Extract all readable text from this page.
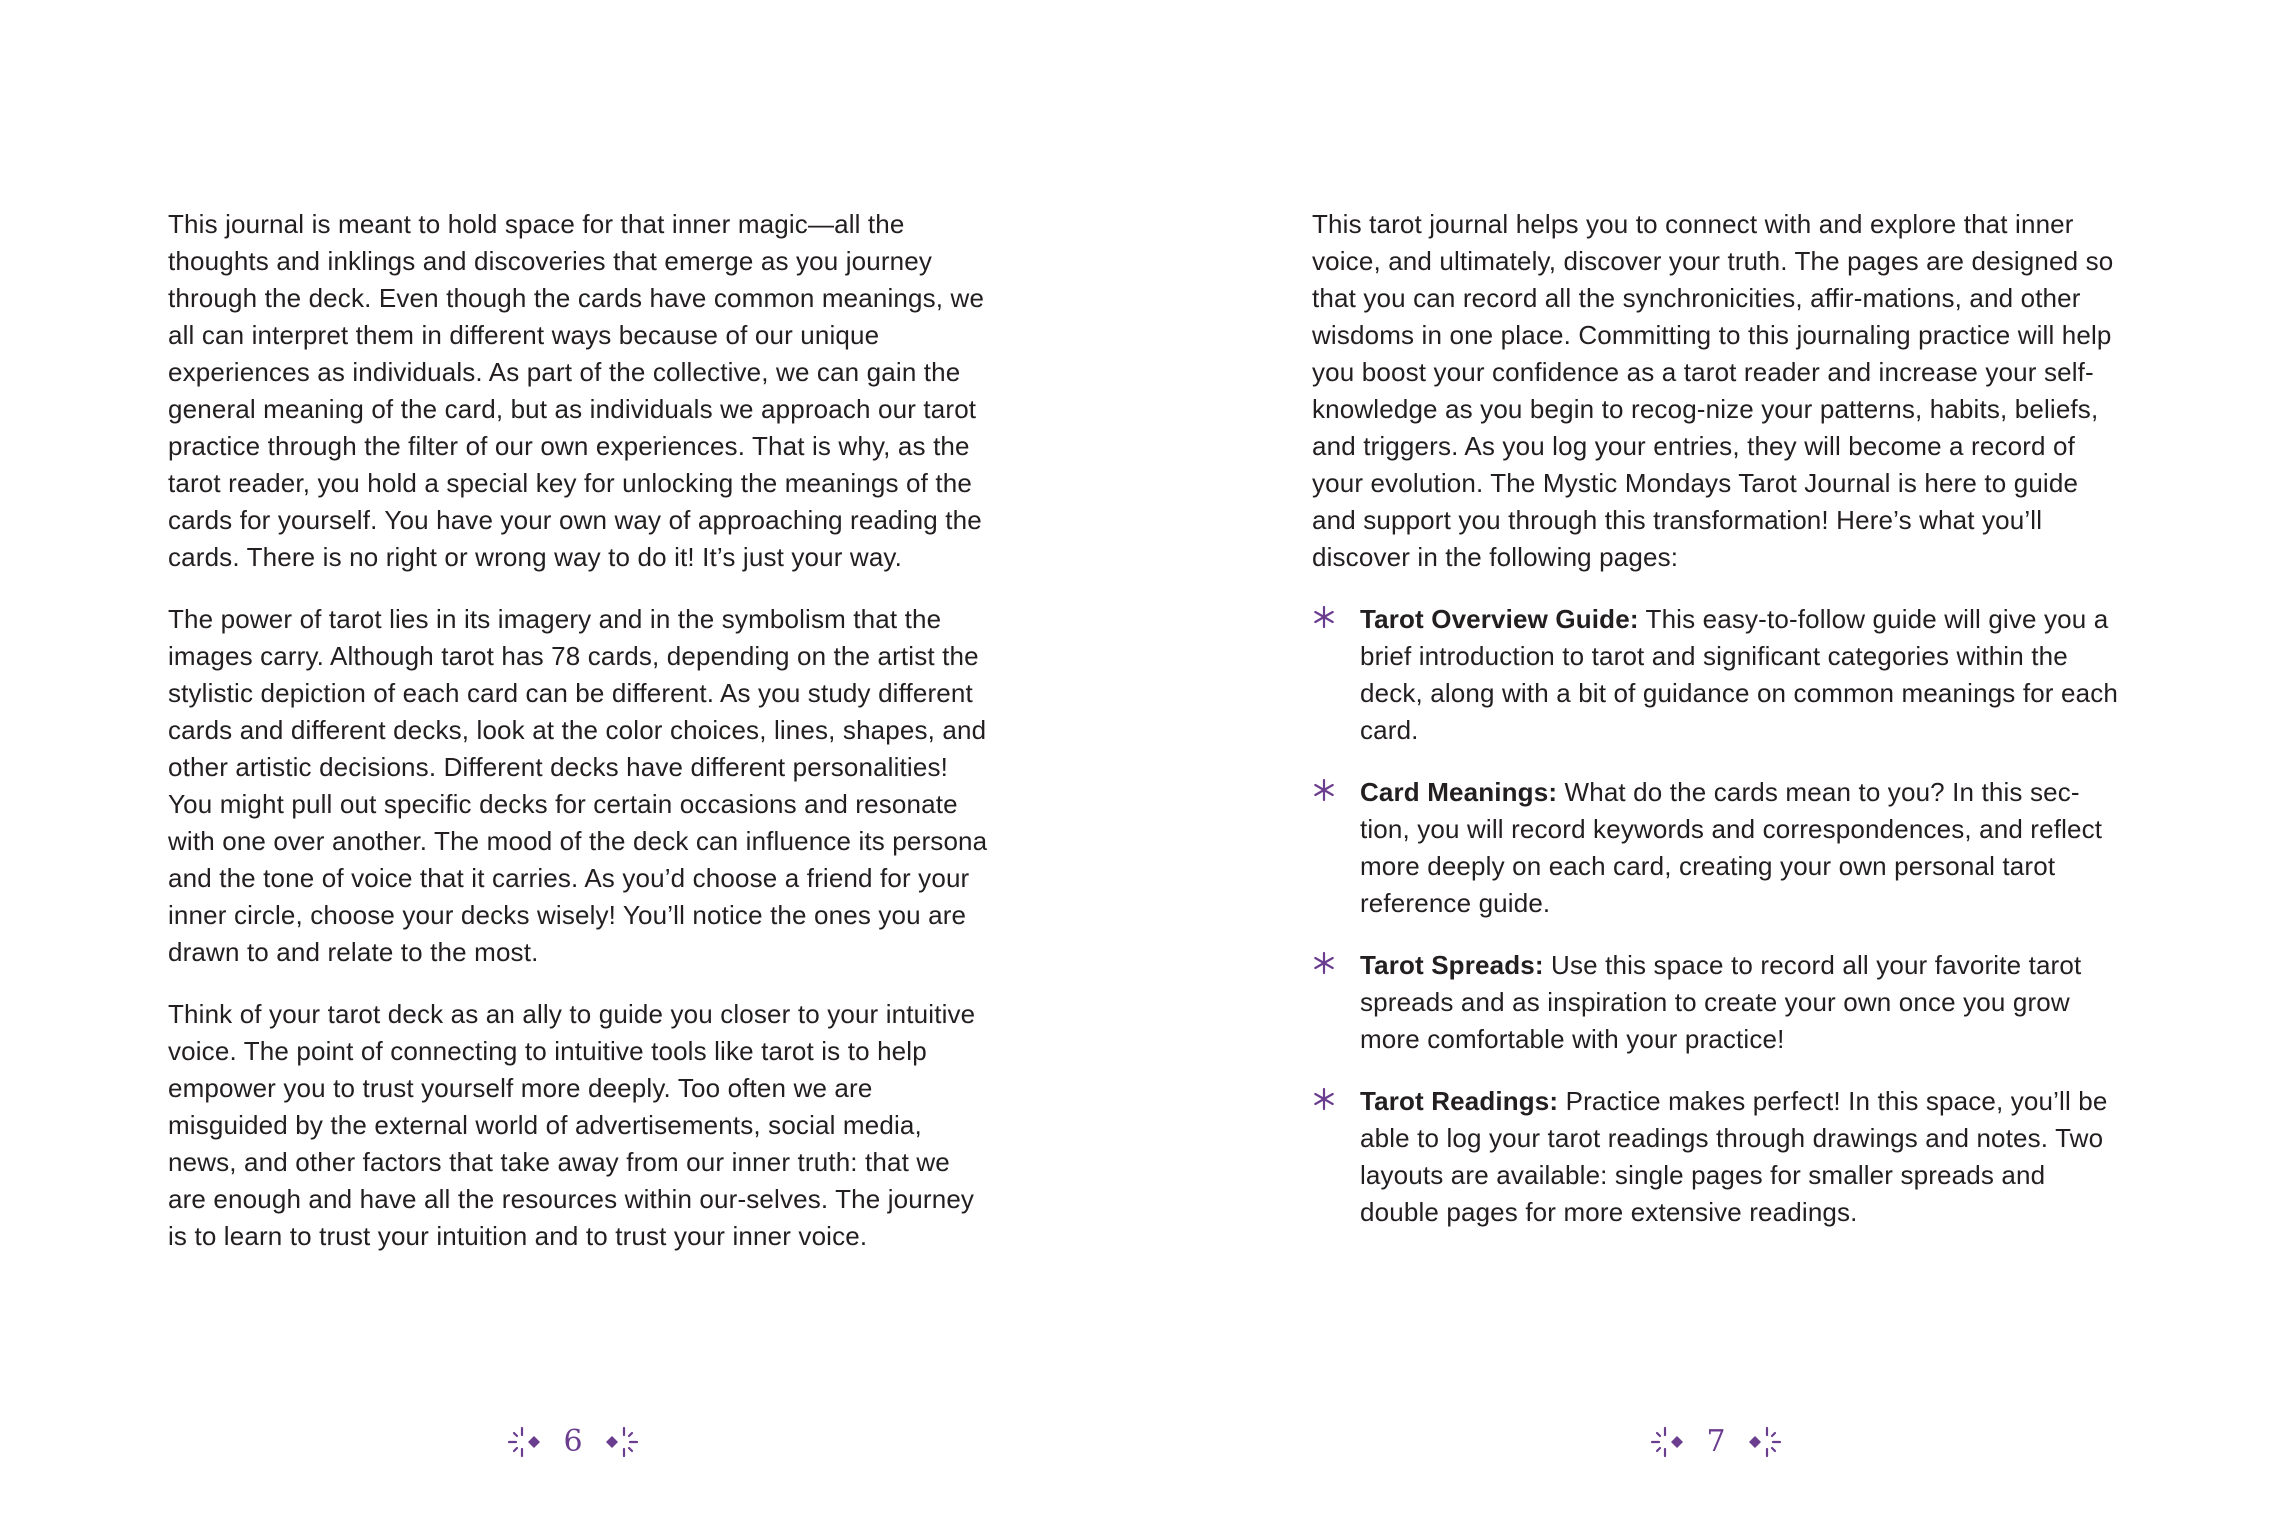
This journal is meant to hold space for that inner magic—all the thoughts and inklings and discoveries that emerge as you journey through the deck. Even though the cards have common meanings, we all can interpret them in different ways because of our unique experiences as individuals. As part of the collective, we can gain the general meaning of the card, but as individuals we approach our tarot practice through the filter of our own experiences. That is why, as the tarot reader, you hold a special key for unlocking the meanings of the cards for yourself. You have your own way of approaching reading the cards. There is no right or wrong way to do it! It’s just your way.

The power of tarot lies in its imagery and in the symbolism that the images carry. Although tarot has 78 cards, depending on the artist the stylistic depiction of each card can be different. As you study different cards and different decks, look at the color choices, lines, shapes, and other artistic decisions. Different decks have different personalities! You might pull out specific decks for certain occasions and resonate with one over another. The mood of the deck can influence its persona and the tone of voice that it carries. As you’d choose a friend for your inner circle, choose your decks wisely! You’ll notice the ones you are drawn to and relate to the most.

Think of your tarot deck as an ally to guide you closer to your intuitive voice. The point of connecting to intuitive tools like tarot is to help empower you to trust yourself more deeply. Too often we are misguided by the external world of advertisements, social media, news, and other factors that take away from our inner truth: that we are enough and have all the resources within our-selves. The journey is to learn to trust your intuition and to trust your inner voice.

6

This tarot journal helps you to connect with and explore that inner voice, and ultimately, discover your truth. The pages are designed so that you can record all the synchronicities, affir-mations, and other wisdoms in one place. Committing to this journaling practice will help you boost your confidence as a tarot reader and increase your self-knowledge as you begin to recog-nize your patterns, habits, beliefs, and triggers. As you log your entries, they will become a record of your evolution. The Mystic Mondays Tarot Journal is here to guide and support you through this transformation! Here’s what you’ll discover in the following pages:

Tarot Overview Guide: This easy-to-follow guide will give you a brief introduction to tarot and significant categories within the deck, along with a bit of guidance on common meanings for each card.
Card Meanings: What do the cards mean to you? In this sec-tion, you will record keywords and correspondences, and reflect more deeply on each card, creating your own personal tarot reference guide.
Tarot Spreads: Use this space to record all your favorite tarot spreads and as inspiration to create your own once you grow more comfortable with your practice!
Tarot Readings: Practice makes perfect! In this space, you’ll be able to log your tarot readings through drawings and notes. Two layouts are available: single pages for smaller spreads and double pages for more extensive readings.
7
